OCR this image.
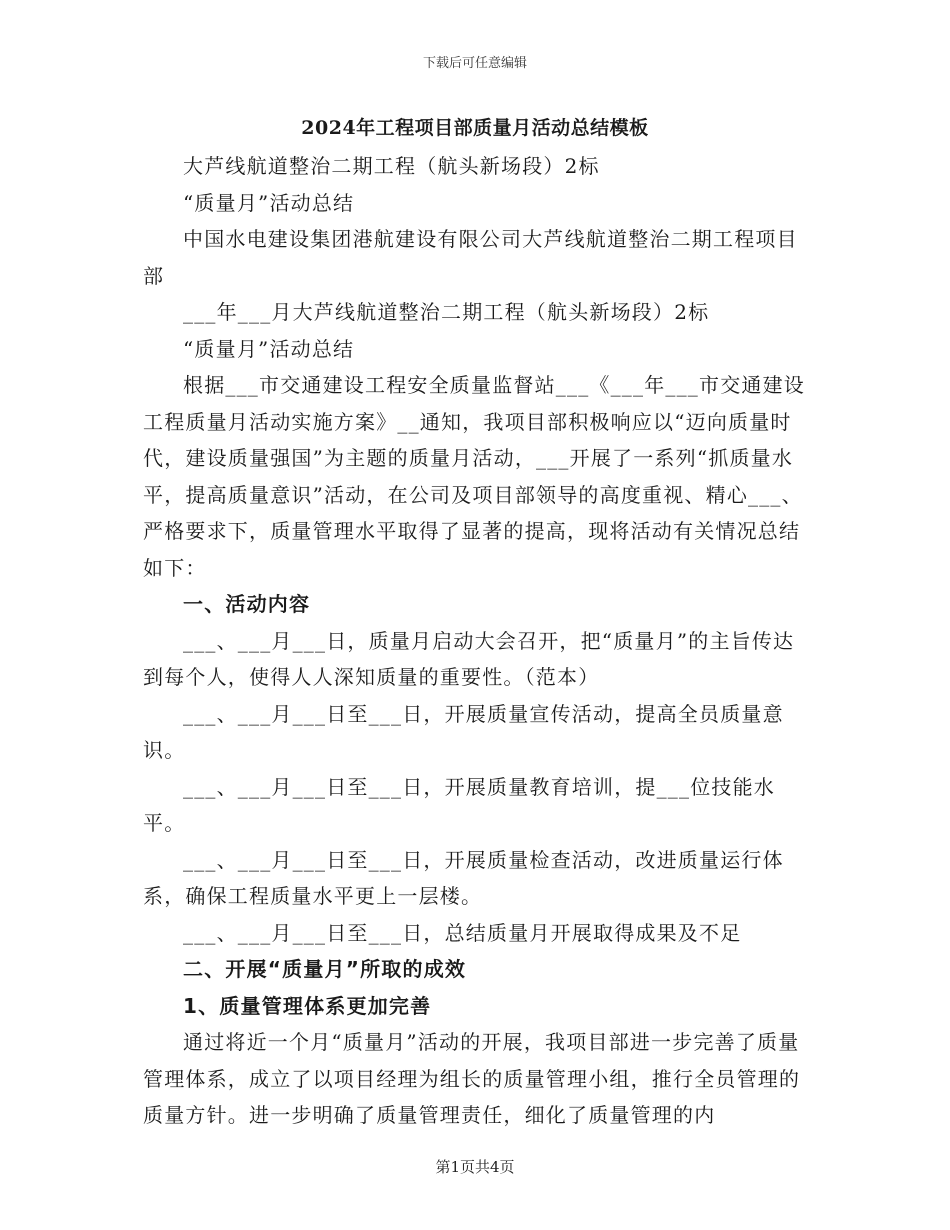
下载后可任意编辑
2024年工程项目部质量月活动总结模板

大芦线航道整治二期工程（航头新场段）2标

“质量月”活动总结

中国水电建设集团港航建设有限公司大芦线航道整治二期工程项目部

___年___月大芦线航道整治二期工程（航头新场段）2标

“质量月”活动总结

根据___市交通建设工程安全质量监督站___《___年___市交通建设工程质量月活动实施方案》__通知，我项目部积极响应以“迈向质量时代，建设质量强国”为主题的质量月活动，___开展了一系列“抓质量水平，提高质量意识”活动，在公司及项目部领导的高度重视、精心___、严格要求下，质量管理水平取得了显著的提高，现将活动有关情况总结如下：

一、活动内容

___、___月___日，质量月启动大会召开，把“质量月”的主旨传达到每个人，使得人人深知质量的重要性。（范本）

___、___月___日至___日，开展质量宣传活动，提高全员质量意识。

___、___月___日至___日，开展质量教育培训，提___位技能水平。

___、___月___日至___日，开展质量检查活动，改进质量运行体系，确保工程质量水平更上一层楼。

___、___月___日至___日，总结质量月开展取得成果及不足

二、开展“质量月”所取的成效

1、质量管理体系更加完善

通过将近一个月“质量月”活动的开展，我项目部进一步完善了质量管理体系，成立了以项目经理为组长的质量管理小组，推行全员管理的质量方针。进一步明确了质量管理责任，细化了质量管理的内

第1页共4页
